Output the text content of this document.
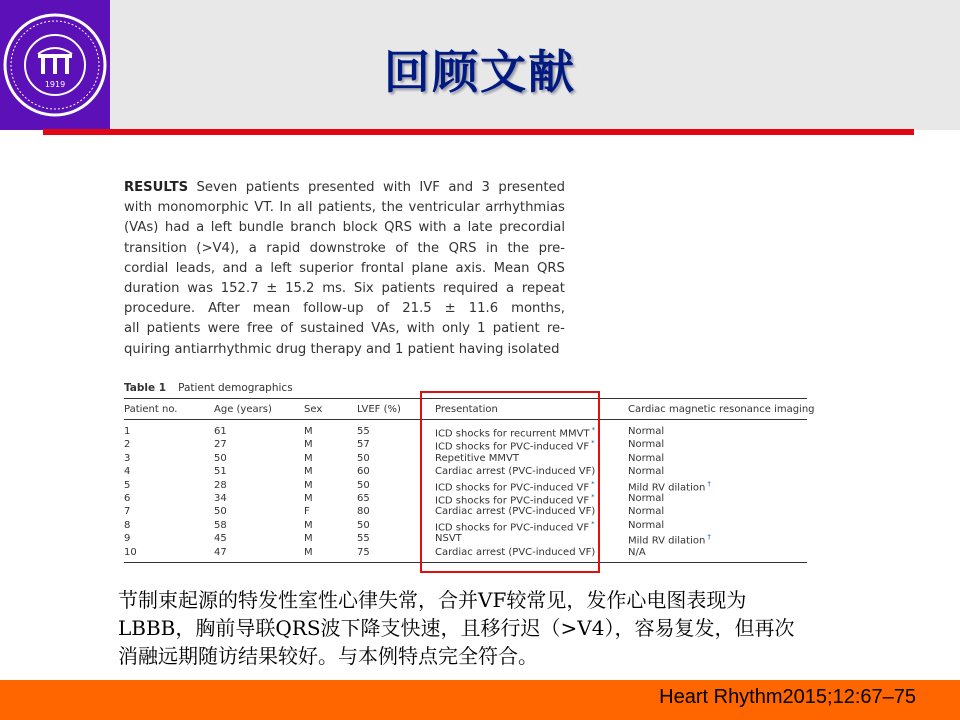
1919	回顾文献
RESULTS Seven patients presented with IVF and 3 presented
with monomorphic VT. In all patients, the ventricular arrhythmias
(VAs) had a left bundle branch block QRS with a late precordial
transition (>V4), a rapid downstroke of the QRS in the pre-
cordial leads, and a left superior frontal plane axis. Mean QRS
duration was 152.7 ± 15.2 ms. Six patients required a repeat
procedure. After mean follow-up of 21.5 ± 11.6 months,
all patients were free of sustained VAs, with only 1 patient re-
quiring antiarrhythmic drug therapy and 1 patient having isolated
Table 1 Patient demographics
Patient no.	Age (years)	Sex	LVEF (%)	Presentation	Cardiac magnetic resonance imaging
1	61	M	55	ICD shocks for recurrent MMVT *	Normal
2	27	M	57	ICD shocks for PVC-induced VF *	Normal
3	50	M	50	Repetitive MMVT	Normal
4	51	M	60	Cardiac arrest (PVC-induced VF)	Normal
5	28	M	50	ICD shocks for PVC-induced VF *	Mild RV dilation †
6	34	M	65	ICD shocks for PVC-induced VF *	Normal
7	50	F	80	Cardiac arrest (PVC-induced VF)	Normal
8	58	M	50	ICD shocks for PVC-induced VF *	Normal
9	45	M	55	NSVT	Mild RV dilation †
10	47	M	75	Cardiac arrest (PVC-induced VF)	N/A
节制束起源的特发性室性心律失常，合并VF较常见，发作心电图表现为
LBBB，胸前导联QRS波下降支快速，且移行迟（>V4），容易复发，但再次
消融远期随访结果较好。与本例特点完全符合。
Heart Rhythm2015;12:67–75
